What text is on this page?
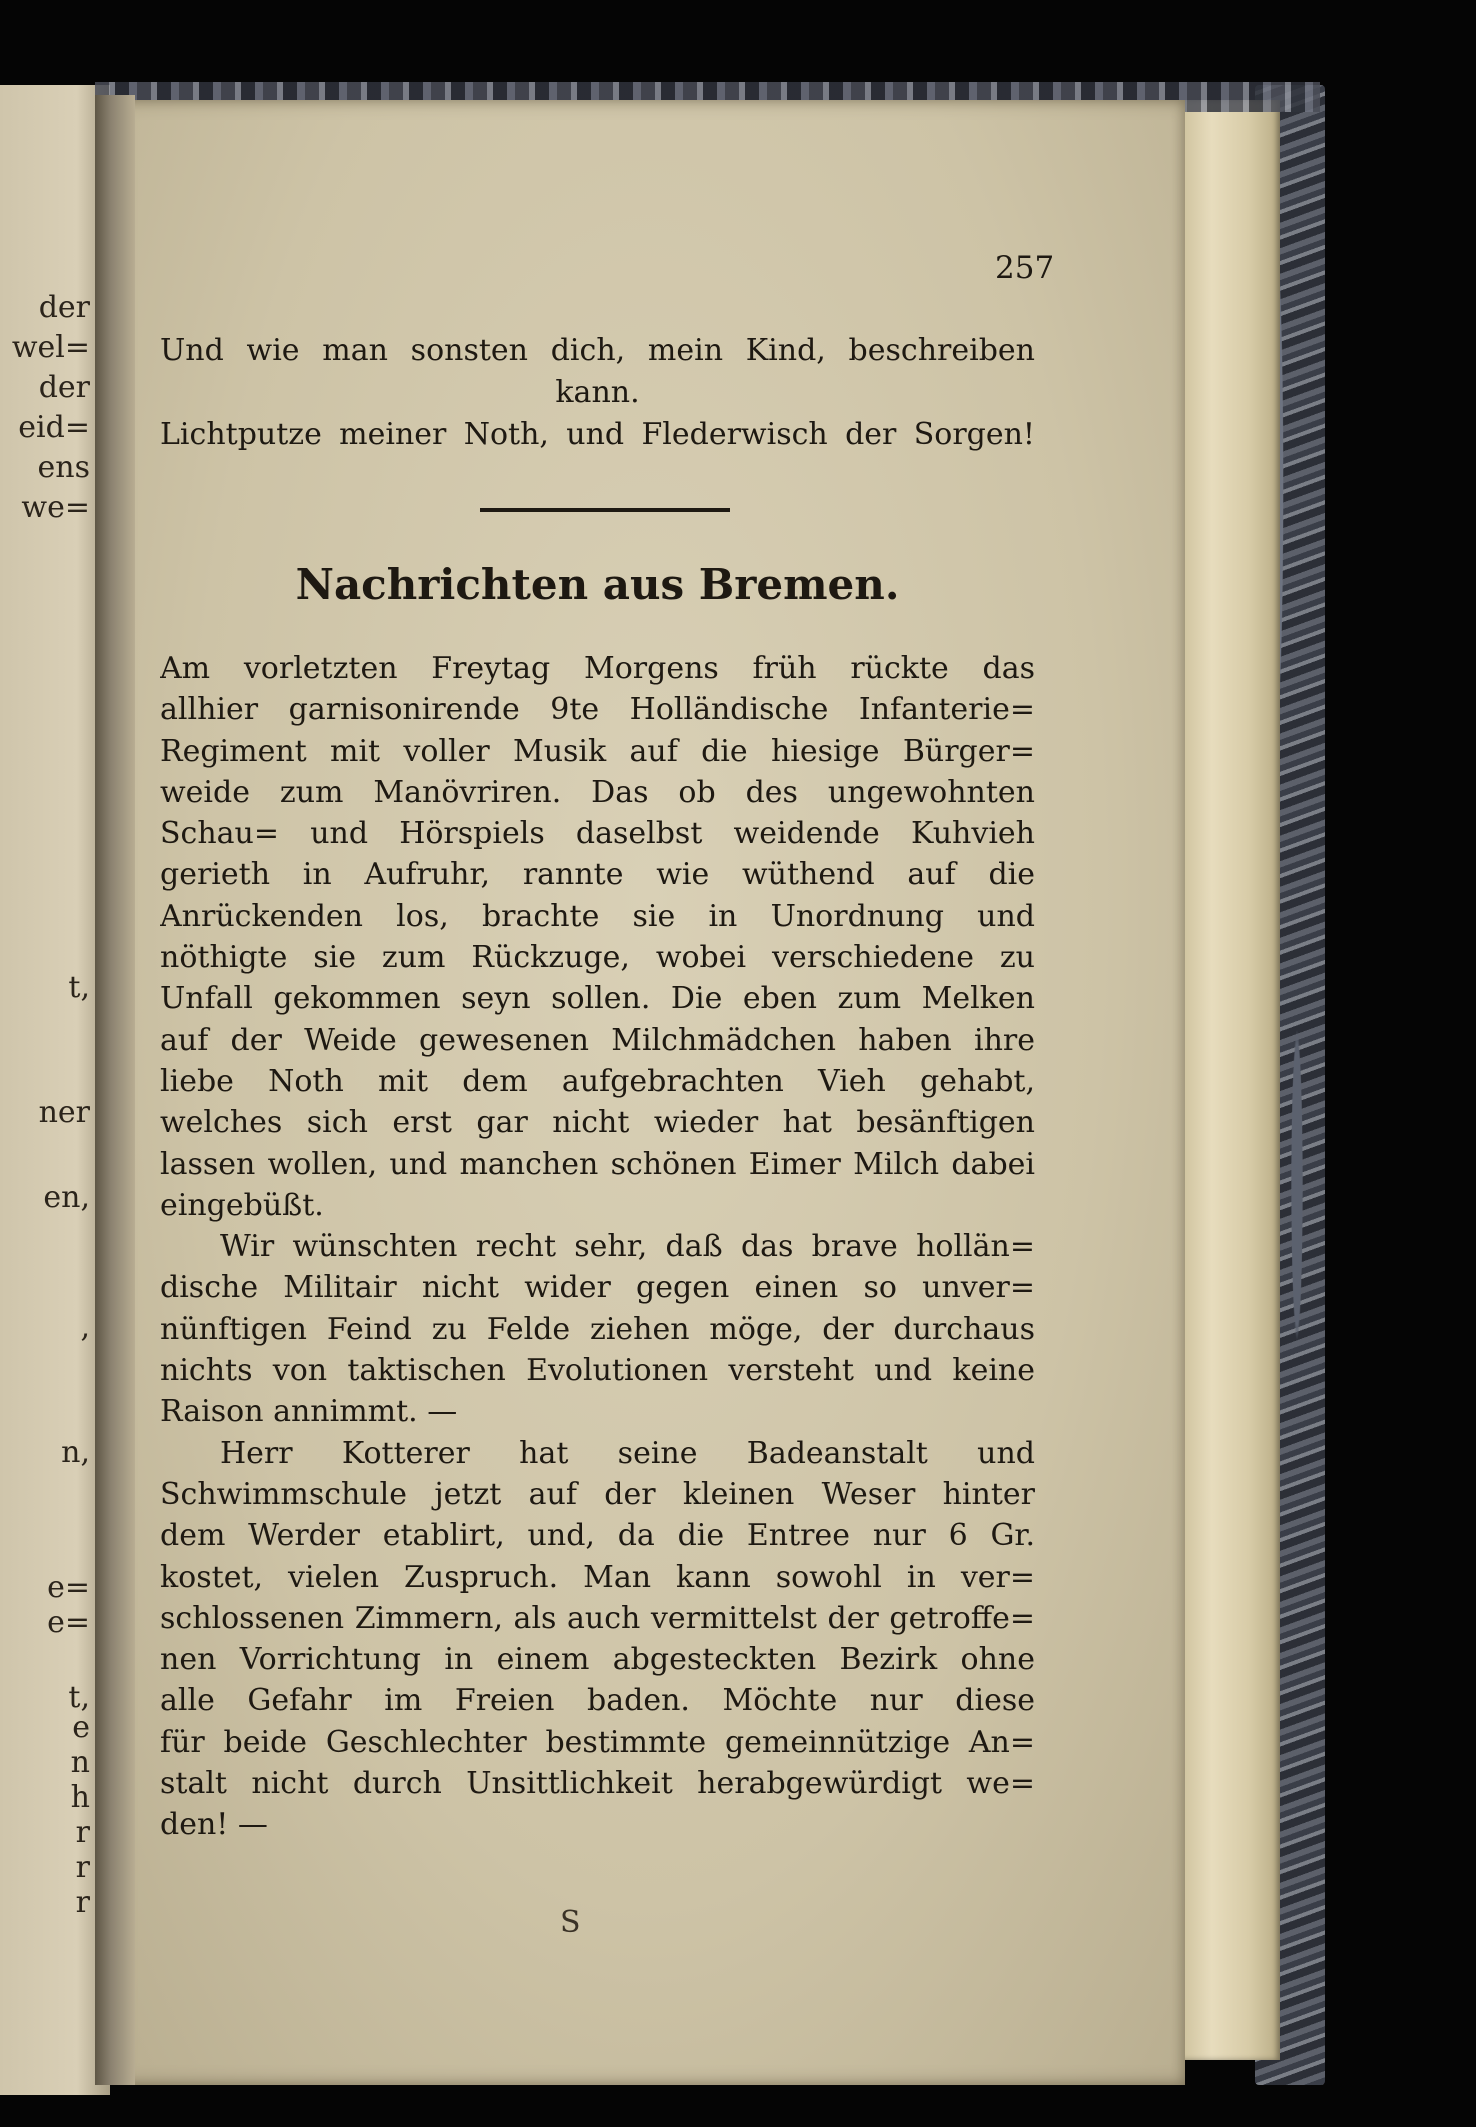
der
wel=
der
eid=
ens
we=
t,
ner
en,
,
n,
e=
e=
t,
e
n
h
r
r
r
257
Und wie man sonsten dich, mein Kind, beschreiben
kann.
Lichtputze meiner Noth, und Flederwisch der Sorgen!
Nachrichten aus Bremen.
Am vorletzten Freytag Morgens früh rückte das
allhier garnisonirende 9te Holländische Infanterie=
Regiment mit voller Musik auf die hiesige Bürger=
weide zum Manövriren. Das ob des ungewohnten
Schau= und Hörspiels daselbst weidende Kuhvieh
gerieth in Aufruhr, rannte wie wüthend auf die
Anrückenden los, brachte sie in Unordnung und
nöthigte sie zum Rückzuge, wobei verschiedene zu
Unfall gekommen seyn sollen. Die eben zum Melken
auf der Weide gewesenen Milchmädchen haben ihre
liebe Noth mit dem aufgebrachten Vieh gehabt,
welches sich erst gar nicht wieder hat besänftigen
lassen wollen, und manchen schönen Eimer Milch dabei
eingebüßt.
Wir wünschten recht sehr, daß das brave hollän=
dische Militair nicht wider gegen einen so unver=
nünftigen Feind zu Felde ziehen möge, der durchaus
nichts von taktischen Evolutionen versteht und keine
Raison annimmt. —
Herr Kotterer hat seine Badeanstalt und
Schwimmschule jetzt auf der kleinen Weser hinter
dem Werder etablirt, und, da die Entree nur 6 Gr.
kostet, vielen Zuspruch. Man kann sowohl in ver=
schlossenen Zimmern, als auch vermittelst der getroffe=
nen Vorrichtung in einem abgesteckten Bezirk ohne
alle Gefahr im Freien baden. Möchte nur diese
für beide Geschlechter bestimmte gemeinnützige An=
stalt nicht durch Unsittlichkeit herabgewürdigt we=
den! —
S
